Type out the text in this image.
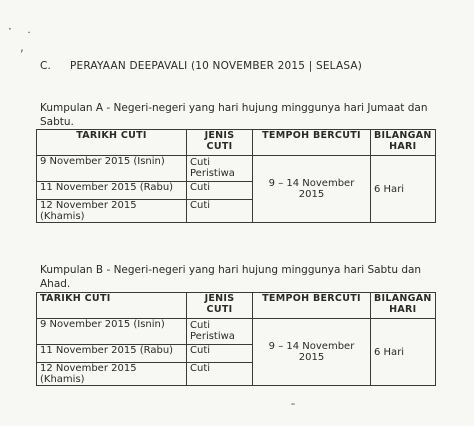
·
˙
,
C. PERAYAAN DEEPAVALI (10 NOVEMBER 2015 | SELASA)
Kumpulan A - Negeri-negeri yang hari hujung minggunya hari Jumaat dan Sabtu.
TARIKH CUTI	JENIS CUTI	TEMPOH BERCUTI	BILANGAN HARI
9 November 2015 (Isnin)	Cuti Peristiwa	9 – 14 November 2015	6 Hari
11 November 2015 (Rabu)	Cuti		
12 November 2015 (Khamis)	Cuti		
Kumpulan B - Negeri-negeri yang hari hujung minggunya hari Sabtu dan Ahad.
TARIKH CUTI	JENIS CUTI	TEMPOH BERCUTI	BILANGAN HARI
9 November 2015 (Isnin)	Cuti Peristiwa	9 – 14 November 2015	6 Hari
11 November 2015 (Rabu)	Cuti		
12 November 2015 (Khamis)	Cuti		
ˉ
